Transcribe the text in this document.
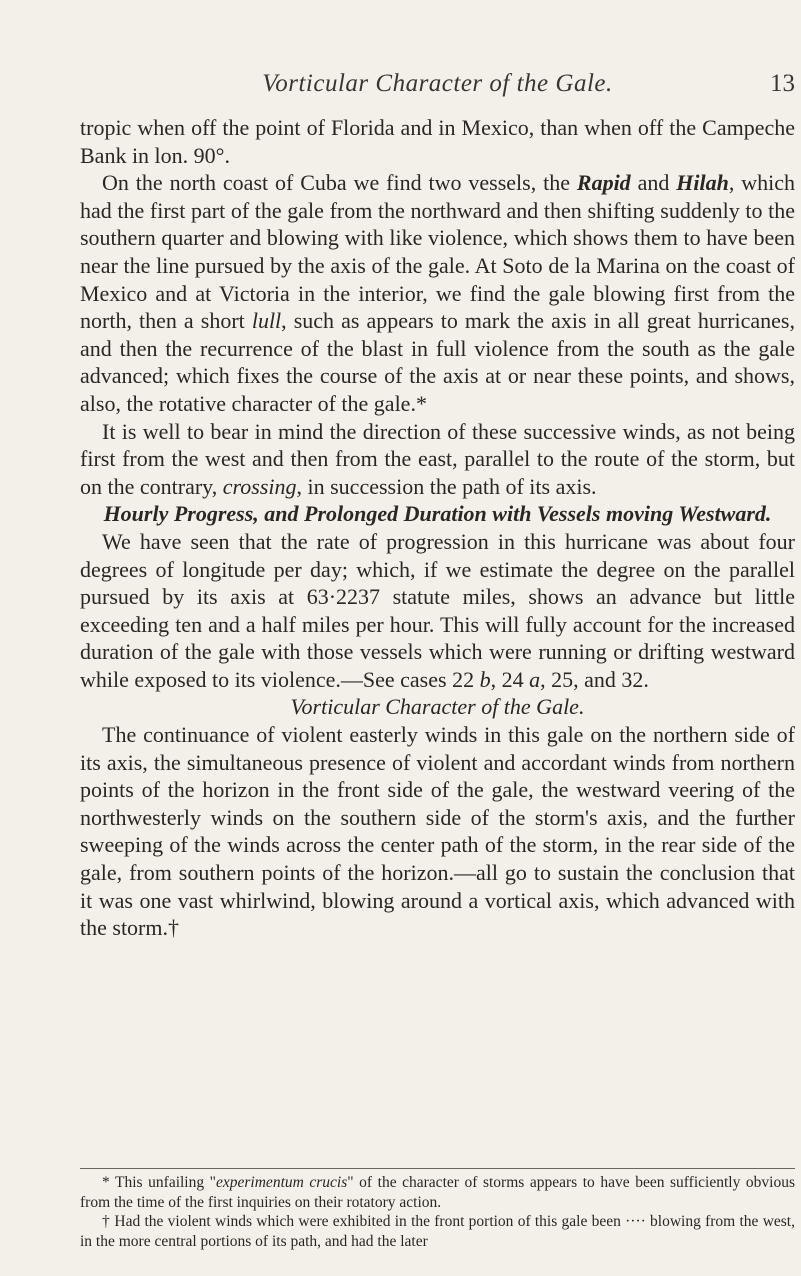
Vorticular Character of the Gale.	13

tropic when off the point of Florida and in Mexico, than when off the Campeche Bank in lon. 90°.

On the north coast of Cuba we find two vessels, the Rapid and Hilah, which had the first part of the gale from the northward and then shifting suddenly to the southern quarter and blowing with like violence, which shows them to have been near the line pursued by the axis of the gale. At Soto de la Marina on the coast of Mexico and at Victoria in the interior, we find the gale blowing first from the north, then a short lull, such as appears to mark the axis in all great hurricanes, and then the recurrence of the blast in full violence from the south as the gale advanced; which fixes the course of the axis at or near these points, and shows, also, the rotative character of the gale.*

It is well to bear in mind the direction of these successive winds, as not being first from the west and then from the east, parallel to the route of the storm, but on the contrary, crossing, in succession the path of its axis.

Hourly Progress, and Prolonged Duration with Vessels moving Westward.

We have seen that the rate of progression in this hurricane was about four degrees of longitude per day; which, if we estimate the degree on the parallel pursued by its axis at 63·2237 statute miles, shows an advance but little exceeding ten and a half miles per hour. This will fully account for the increased duration of the gale with those vessels which were running or drifting westward while exposed to its violence.—See cases 22 b, 24 a, 25, and 32.

Vorticular Character of the Gale.

The continuance of violent easterly winds in this gale on the northern side of its axis, the simultaneous presence of violent and accordant winds from northern points of the horizon in the front side of the gale, the westward veering of the northwesterly winds on the southern side of the storm's axis, and the further sweeping of the winds across the center path of the storm, in the rear side of the gale, from southern points of the horizon.—all go to sustain the conclusion that it was one vast whirlwind, blowing around a vortical axis, which advanced with the storm.†

* This unfailing "experimentum crucis" of the character of storms appears to have been sufficiently obvious from the time of the first inquiries on their rotatory action.

† Had the violent winds which were exhibited in the front portion of this gale been ···· blowing from the west, in the more central portions of its path, and had the later
